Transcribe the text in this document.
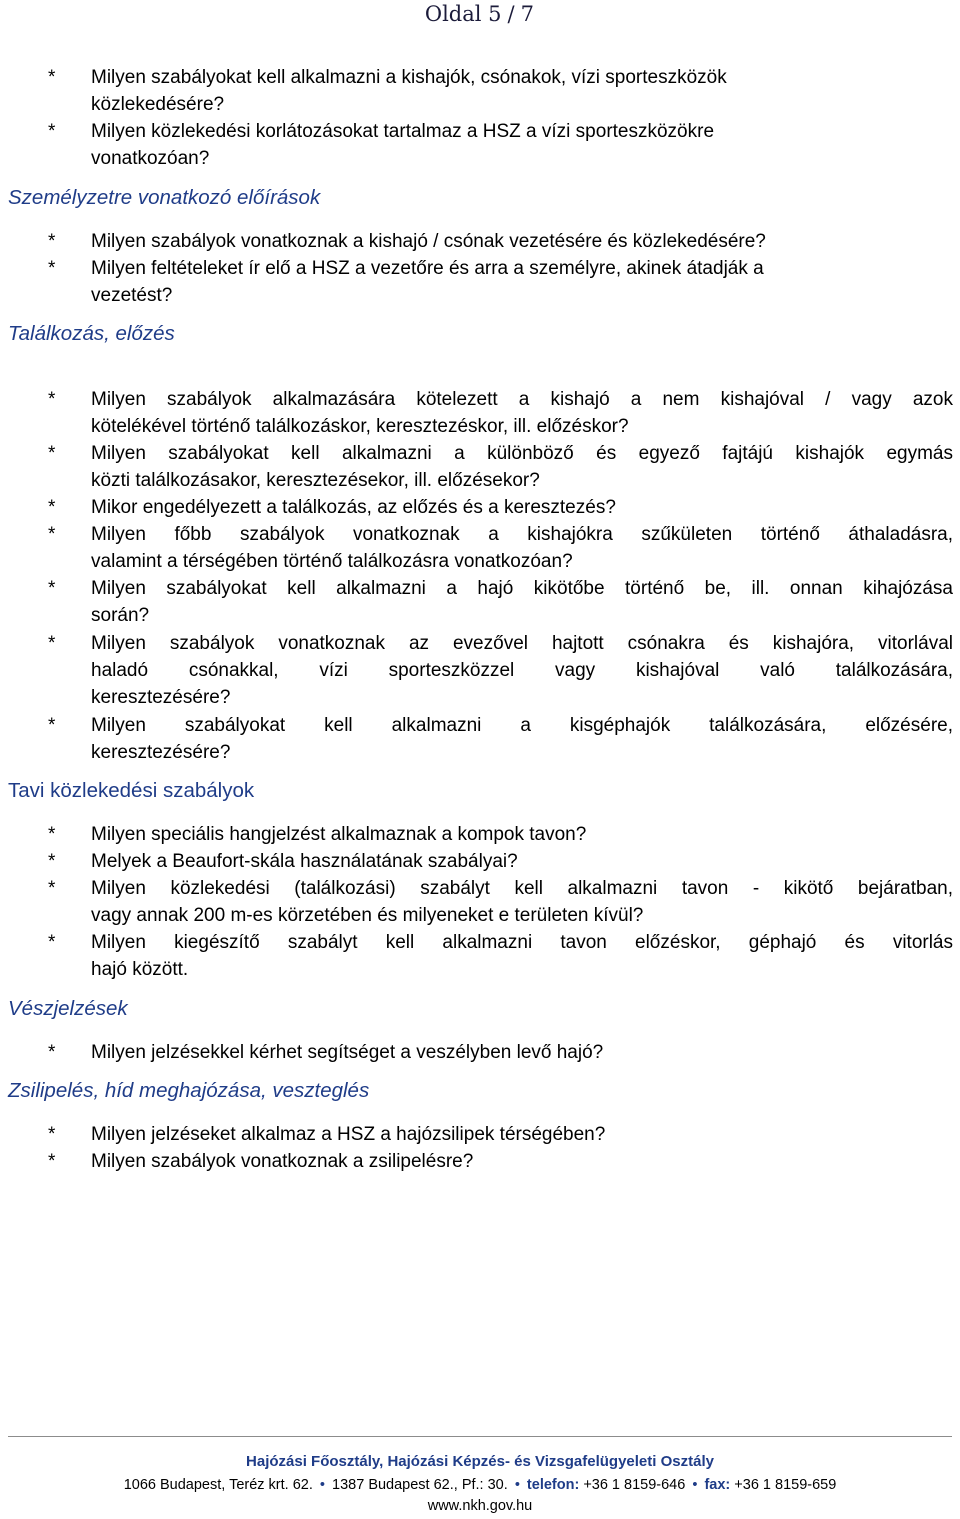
Oldal 5 / 7
*	Milyen szabályokat kell alkalmazni a kishajók, csónakok, vízi sporteszközök
közlekedésére?
*	Milyen közlekedési korlátozásokat tartalmaz a HSZ a vízi sporteszközökre
vonatkozóan?
Személyzetre vonatkozó előírások
*	Milyen szabályok vonatkoznak a kishajó / csónak vezetésére és közlekedésére?
*	Milyen feltételeket ír elő a HSZ a vezetőre és arra a személyre, akinek átadják a
vezetést?
Találkozás, előzés
*	Milyen szabályok alkalmazására kötelezett a kishajó a nem kishajóval / vagy azok
kötelékével történő találkozáskor, keresztezéskor, ill. előzéskor?
*	Milyen szabályokat kell alkalmazni a különböző és egyező fajtájú kishajók egymás
közti találkozásakor, keresztezésekor, ill. előzésekor?
*	Mikor engedélyezett a találkozás, az előzés és a keresztezés?
*	Milyen főbb szabályok vonatkoznak a kishajókra szűkületen történő áthaladásra,
valamint a térségében történő találkozásra vonatkozóan?
*	Milyen szabályokat kell alkalmazni a hajó kikötőbe történő be, ill. onnan kihajózása
során?
*	Milyen szabályok vonatkoznak az evezővel hajtott csónakra és kishajóra, vitorlával
haladó csónakkal, vízi sporteszközzel vagy kishajóval való találkozására,
keresztezésére?
*	Milyen szabályokat kell alkalmazni a kisgéphajók találkozására, előzésére,
keresztezésére?
Tavi közlekedési szabályok
*	Milyen speciális hangjelzést alkalmaznak a kompok tavon?
*	Melyek a Beaufort-skála használatának szabályai?
*	Milyen közlekedési (találkozási) szabályt kell alkalmazni tavon - kikötő bejáratban,
vagy annak 200 m-es körzetében és milyeneket e területen kívül?
*	Milyen kiegészítő szabályt kell alkalmazni tavon előzéskor, géphajó és vitorlás
hajó között.
Vészjelzések
*	Milyen jelzésekkel kérhet segítséget a veszélyben levő hajó?
Zsilipelés, híd meghajózása, veszteglés
*	Milyen jelzéseket alkalmaz a HSZ a hajózsilipek térségében?
*	Milyen szabályok vonatkoznak a zsilipelésre?
Hajózási Főosztály, Hajózási Képzés- és Vizsgafelügyeleti Osztály
1066 Budapest, Teréz krt. 62. • 1387 Budapest 62., Pf.: 30. • telefon: +36 1 8159-646 • fax: +36 1 8159-659
www.nkh.gov.hu
